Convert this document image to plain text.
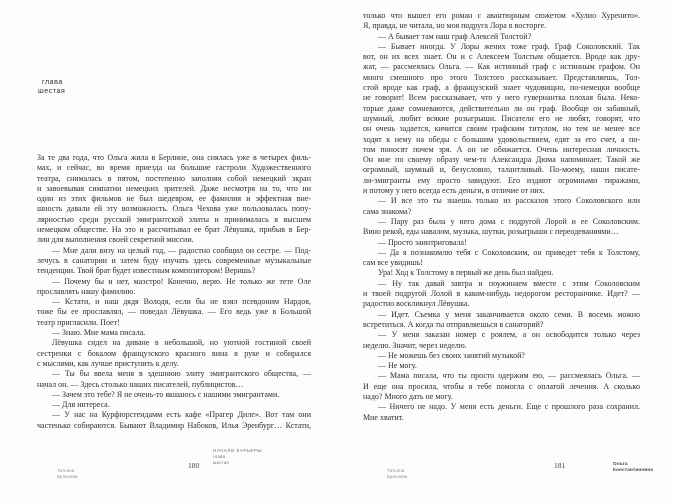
глава
шестая
За те два года, что Ольга жила в Берлине, она снялась уже в четырех филь-
мах, и сейчас, во время приезда на большие гастроли Художественного
театра, снималась в пятом, постепенно заполняя собой немецкий экран
и завоевывая симпатии немецких зрителей. Даже несмотря на то, что ни
один из этих фильмов не был шедевром, ее фамилия и эффектная вне-
шность давали ей эту возможность. Ольга Чехова уже пользовалась попу-
лярностью среди русской эмигрантской элиты и принималась в высшем
немецком обществе. На это и рассчитывал ее брат Лёвушка, прибыв в Бер-
лин для выполнения своей секретной миссии.
— Мне дали визу на целый год, — радостно сообщил он сестре. — Под-
лечусь в санатории и затем буду изучать здесь современные музыкальные
тенденции. Твой брат будет известным композитором! Веришь?
— Почему бы и нет, маэстро! Конечно, верю. Не только же тете Оле
прославлять нашу фамилию.
— Кстати, и наш дядя Володя, если бы не взял псевдоним Нардов,
тоже бы ее прославлял, — поведал Лёвушка. — Его ведь уже в Большой
театр пригласили. Поет!
— Знаю. Мне мама писала.
Лёвушка сидел на диване в небольшой, но уютной гостиной своей
сестренки с бокалом французского красного вина в руке и собирался
с мыслями, как лучше приступить к делу.
— Ты бы ввела меня в здешнюю элиту эмигрантского общества, —
начал он. — Здесь столько наших писателей, публицистов…
— Зачем это тебе? Я не очень-то якшаюсь с нашими эмигрантами.
— Для интереса.
— У нас на Курфюрстендамм есть кафе «Прагер Диле». Вот там они
частенько собираются. Бывают Владимир Набоков, Илья Эренбург… Кстати,
Татьяна
Бронзова
180
НАЧАЛО КАРЬЕРЫ
глава
шестая
только что вышел его роман с авантюрным сюжетом «Хулио Хуренито».
Я, правда, не читала, но моя подруга Лора в восторге.
— А бывает там наш граф Алексей Толстой?
— Бывает иногда. У Лоры жених тоже граф. Граф Соколовский. Так
вот, он их всех знает. Он и с Алексеем Толстым общается. Вроде как дру-
жат, — рассмеялась Ольга. — Как истинный граф с истинным графом. Он
много смешного про этого Толстого рассказывает. Представляешь, Тол-
стой вроде как граф, а французский знает чудовищно, по-немецки вообще
не говорит! Всем рассказывает, что у него гувернантка плохая была. Неко-
торые даже сомневаются, действительно ли он граф. Вообще он забавный,
шумный, любит всякие розыгрыши. Писатели его не любят, говорят, что
он очень задается, кичится своим графским титулом, но тем не менее все
ходят к нему на обеды с большим удовольствием, едят за его счет, а по-
том поносят почем зря. А он не обижается. Очень интересная личность.
Он мне по своему образу чем-то Александра Дюма напоминает. Такой же
огромный, шумный и, безусловно, талантливый. По-моему, наши писате-
ли-эмигранты ему просто завидуют. Его издают огромными тиражами,
и потому у него всегда есть деньги, в отличие от них.
— И все это ты знаешь только из рассказов этого Соколовского или
сама знакома?
— Пару раз была у него дома с подругой Лорой и ее Соколовским.
Вино рекой, еды навалом, музыка, шутки, розыгрыши с переодеваниями…
— Просто заинтриговала!
— Да я познакомлю тебя с Соколовским, он приведет тебя к Толстому,
сам все увидишь!
Ура! Ход к Толстому в первый же день был найден.
— Ну так давай завтра и поужинаем вместе с этим Соколовским
и твоей подругой Лолой в каком-нибудь недорогом ресторанчике. Идет? —
радостно воскликнул Лёвушка.
— Идет. Съемка у меня заканчивается около семи. В восемь можно
встретиться. А когда ты отправляешься в санаторий?
— У меня заказан номер с роялем, а он освободится только через
неделю. Значит, через неделю.
— Не можешь без своих занятий музыкой?
— Не могу.
— Мама писала, что ты просто одержим ею, — рассмеялась Ольга. —
И еще она просила, чтобы я тебе помогла с оплатой лечения. А сколько
надо? Много дать не могу.
— Ничего не надо. У меня есть деньги. Еще с прошлого раза сохранил.
Мне хватит.
Татьяна
Бронзова
181	Ольга
Константиновна
